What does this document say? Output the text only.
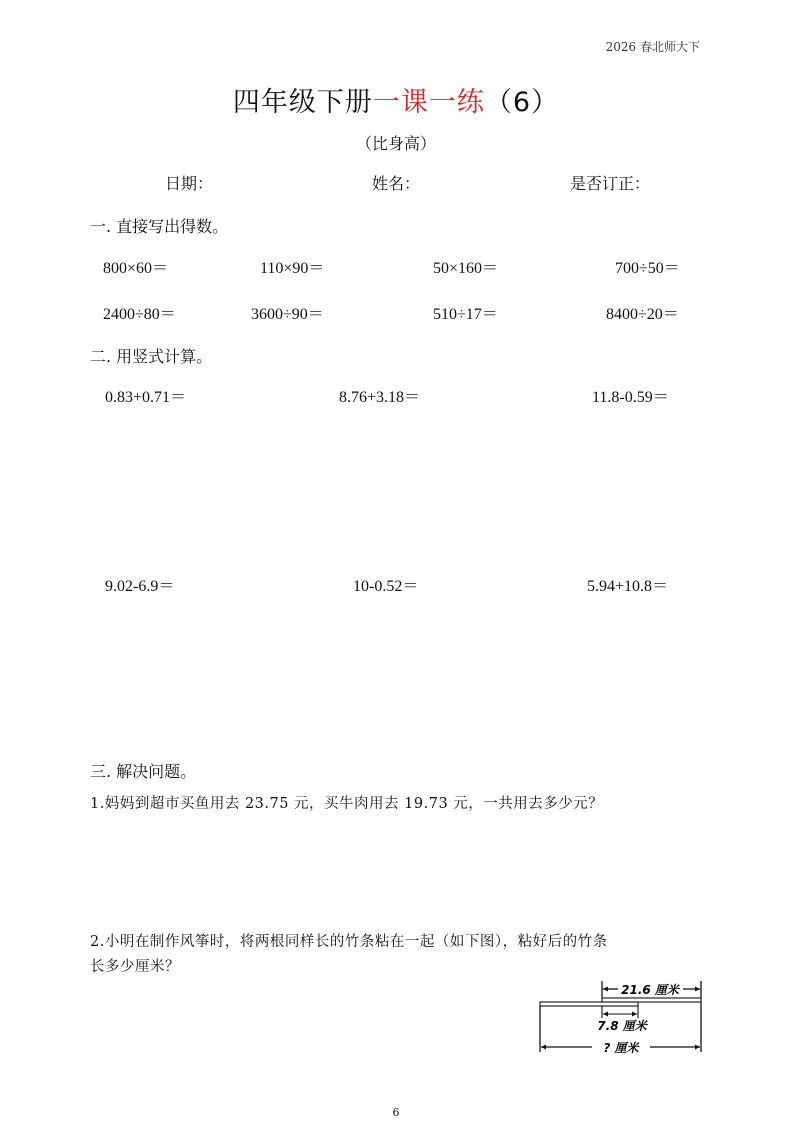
2026 春北师大下
四年级下册一课一练（6）
（比身高）
日期：	姓名：	是否订正：
一. 直接写出得数。
800×60＝	110×90＝	50×160＝	700÷50＝
2400÷80＝	3600÷90＝	510÷17＝	8400÷20＝
二. 用竖式计算。
0.83+0.71＝	8.76+3.18＝	11.8-0.59＝
9.02-6.9＝	10-0.52＝	5.94+10.8＝
三. 解决问题。
1.妈妈到超市买鱼用去 23.75 元，买牛肉用去 19.73 元，一共用去多少元？
2.小明在制作风筝时，将两根同样长的竹条粘在一起（如下图），粘好后的竹条
长多少厘米？
21.6 厘米
7.8 厘米
? 厘米
6
